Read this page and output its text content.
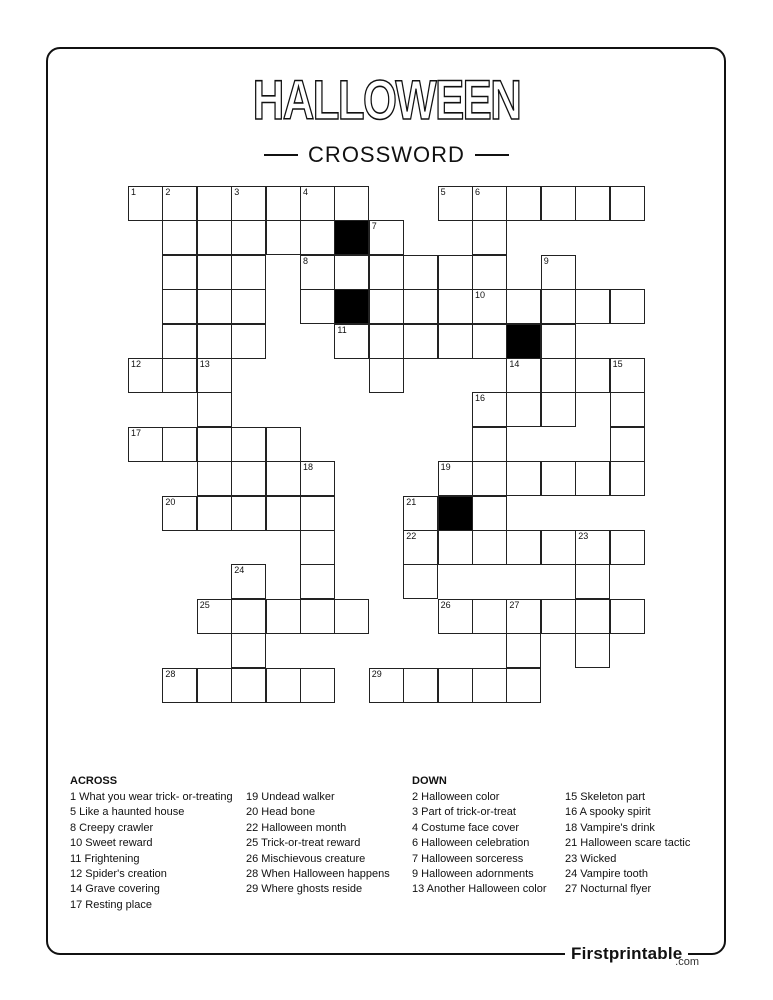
HALLOWEEN
CROSSWORD
1	2	3	4	5	6
7
8	9
10
11
12	13	14	15
16
17
18	19
20	21
22	23
24
25	26	27
28	29
ACROSS	DOWN
1 What you wear trick- or-treating
5 Like a haunted house
8 Creepy crawler
10 Sweet reward
11 Frightening
12 Spider's creation
14 Grave covering
17 Resting place
19 Undead walker
20 Head bone
22 Halloween month
25 Trick-or-treat reward
26 Mischievous creature
28 When Halloween happens
29 Where ghosts reside
2 Halloween color
3 Part of trick-or-treat
4 Costume face cover
6 Halloween celebration
7 Halloween sorceress
9 Halloween adornments
13 Another Halloween color
15 Skeleton part
16 A spooky spirit
18 Vampire's drink
21 Halloween scare tactic
23 Wicked
24 Vampire tooth
27 Nocturnal flyer
Firstprintable
.com
